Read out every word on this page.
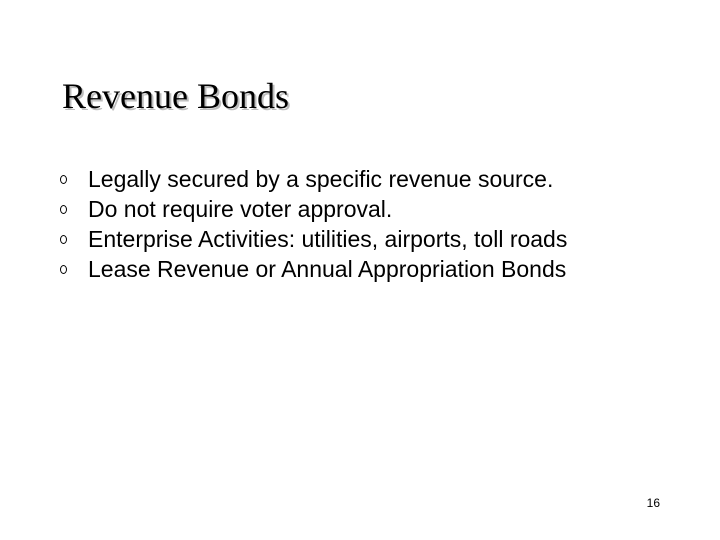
Revenue Bonds
Legally secured by a specific revenue source.
Do not require voter approval.
Enterprise Activities: utilities, airports, toll roads
Lease Revenue or Annual Appropriation Bonds
16
